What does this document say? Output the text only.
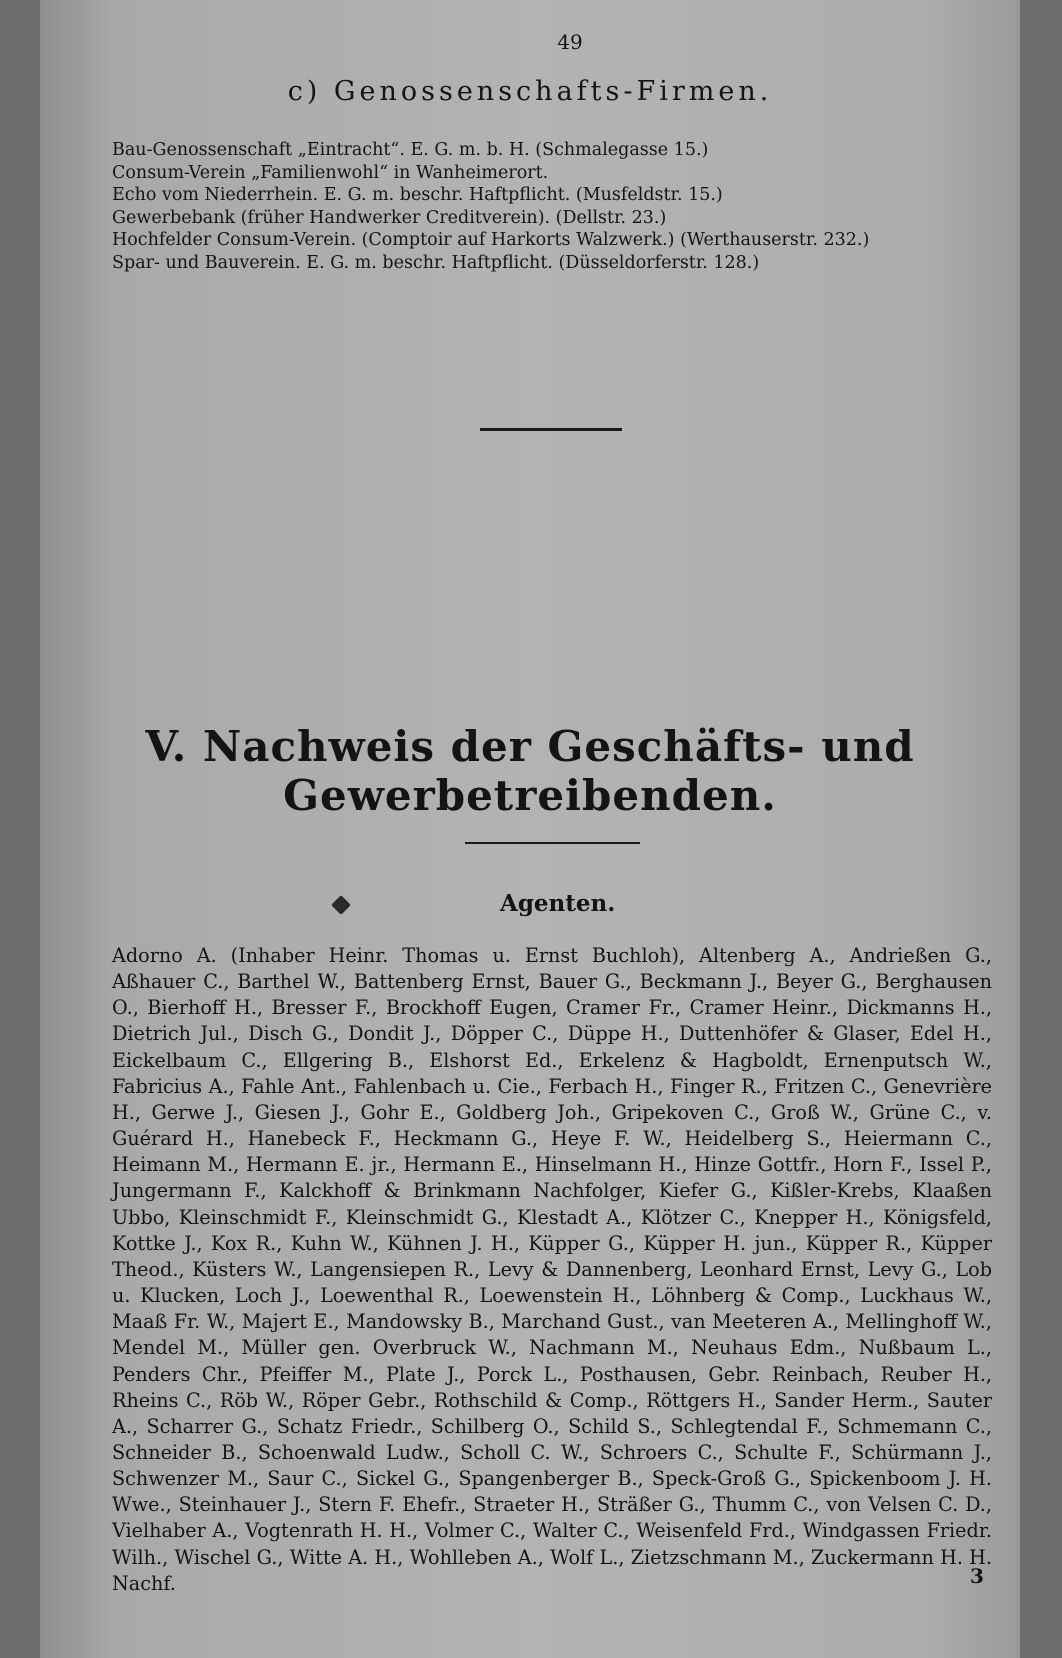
49
c) Genossenschafts-Firmen.
Bau-Genossenschaft „Eintracht“. E. G. m. b. H. (Schmalegasse 15.)
Consum-Verein „Familienwohl“ in Wanheimerort.
Echo vom Niederrhein. E. G. m. beschr. Haftpflicht. (Musfeldstr. 15.)
Gewerbebank (früher Handwerker Creditverein). (Dellstr. 23.)
Hochfelder Consum-Verein. (Comptoir auf Harkorts Walzwerk.) (Werthauserstr. 232.)
Spar- und Bauverein. E. G. m. beschr. Haftpflicht. (Düsseldorferstr. 128.)
V. Nachweis der Geschäfts- und Gewerbetreibenden.
Agenten.

Adorno A. (Inhaber Heinr. Thomas u. Ernst Buchloh), Altenberg A., Andrießen G., Aßhauer C., Barthel W., Battenberg Ernst, Bauer G., Beckmann J., Beyer G., Berghausen O., Bierhoff H., Bresser F., Brockhoff Eugen, Cramer Fr., Cramer Heinr., Dickmanns H., Dietrich Jul., Disch G., Dondit J., Döpper C., Düppe H., Duttenhöfer & Glaser, Edel H., Eickelbaum C., Ellgering B., Elshorst Ed., Erkelenz & Hagboldt, Ernenputsch W., Fabricius A., Fahle Ant., Fahlenbach u. Cie., Ferbach H., Finger R., Fritzen C., Genevrière H., Gerwe J., Giesen J., Gohr E., Goldberg Joh., Gripekoven C., Groß W., Grüne C., v. Guérard H., Hanebeck F., Heckmann G., Heye F. W., Heidelberg S., Heiermann C., Heimann M., Hermann E. jr., Hermann E., Hinselmann H., Hinze Gottfr., Horn F., Issel P., Jungermann F., Kalckhoff & Brinkmann Nachfolger, Kiefer G., Kißler-Krebs, Klaaßen Ubbo, Kleinschmidt F., Kleinschmidt G., Klestadt A., Klötzer C., Knepper H., Königsfeld, Kottke J., Kox R., Kuhn W., Kühnen J. H., Küpper G., Küpper H. jun., Küpper R., Küpper Theod., Küsters W., Langensiepen R., Levy & Dannenberg, Leonhard Ernst, Levy G., Lob u. Klucken, Loch J., Loewenthal R., Loewenstein H., Löhnberg & Comp., Luckhaus W., Maaß Fr. W., Majert E., Mandowsky B., Marchand Gust., van Meeteren A., Mellinghoff W., Mendel M., Müller gen. Overbruck W., Nachmann M., Neuhaus Edm., Nußbaum L., Penders Chr., Pfeiffer M., Plate J., Porck L., Posthausen, Gebr. Reinbach, Reuber H., Rheins C., Röb W., Röper Gebr., Rothschild & Comp., Röttgers H., Sander Herm., Sauter A., Scharrer G., Schatz Friedr., Schilberg O., Schild S., Schlegtendal F., Schmemann C., Schneider B., Schoenwald Ludw., Scholl C. W., Schroers C., Schulte F., Schürmann J., Schwenzer M., Saur C., Sickel G., Spangenberger B., Speck-Groß G., Spickenboom J. H. Wwe., Steinhauer J., Stern F. Ehefr., Straeter H., Sträßer G., Thumm C., von Velsen C. D., Vielhaber A., Vogtenrath H. H., Volmer C., Walter C., Weisenfeld Frd., Windgassen Friedr. Wilh., Wischel G., Witte A. H., Wohlleben A., Wolf L., Zietzschmann M., Zuckermann H. H. Nachf.	3
